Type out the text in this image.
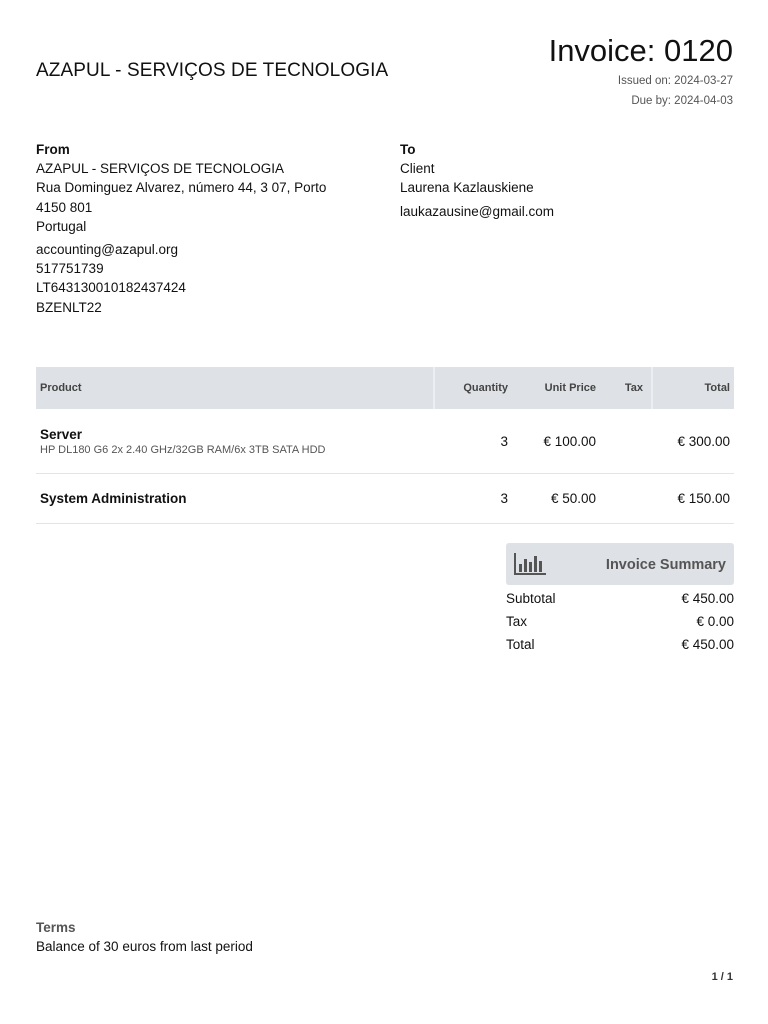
AZAPUL - SERVIÇOS DE TECNOLOGIA
Invoice: 0120
Issued on: 2024-03-27
Due by: 2024-04-03
From
AZAPUL - SERVIÇOS DE TECNOLOGIA
Rua Dominguez Alvarez, número 44, 3 07, Porto
4150 801
Portugal
accounting@azapul.org
517751739
LT643130010182437424
BZENLT22
To
Client
Laurena Kazlauskiene
laukazausine@gmail.com
Product	Quantity	Unit Price	Tax	Total

Server
HP DL180 G6 2x 2.40 GHz/32GB RAM/6x 3TB SATA HDD	3	€ 100.00		€ 300.00

System Administration	3	€ 50.00		€ 150.00
Invoice Summary
Subtotal	€ 450.00
Tax	€ 0.00
Total	€ 450.00
Terms
Balance of 30 euros from last period
1 / 1
